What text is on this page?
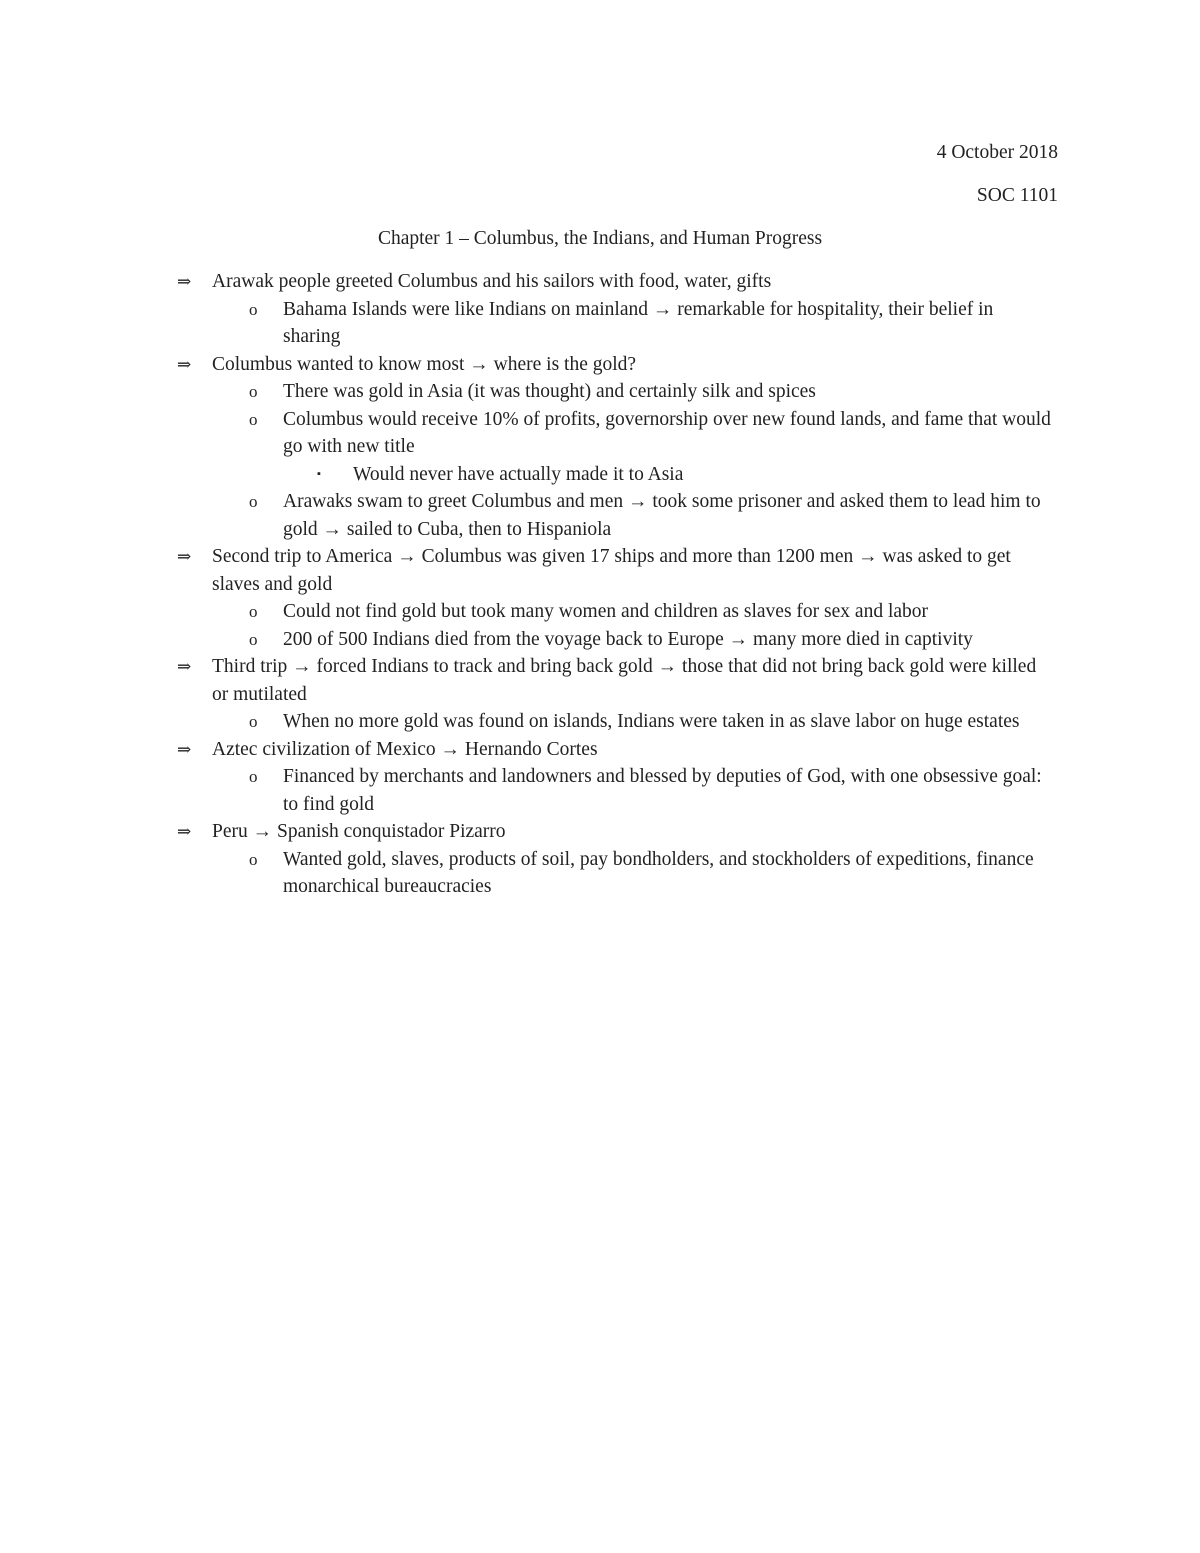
4 October 2018
SOC 1101
Chapter 1 – Columbus, the Indians, and Human Progress
⇒ Arawak people greeted Columbus and his sailors with food, water, gifts
o Bahama Islands were like Indians on mainland → remarkable for hospitality, their belief in sharing
⇒ Columbus wanted to know most → where is the gold?
o There was gold in Asia (it was thought) and certainly silk and spices
o Columbus would receive 10% of profits, governorship over new found lands, and fame that would go with new title
▪ Would never have actually made it to Asia
o Arawaks swam to greet Columbus and men → took some prisoner and asked them to lead him to gold → sailed to Cuba, then to Hispaniola
⇒ Second trip to America → Columbus was given 17 ships and more than 1200 men → was asked to get slaves and gold
o Could not find gold but took many women and children as slaves for sex and labor
o 200 of 500 Indians died from the voyage back to Europe → many more died in captivity
⇒ Third trip → forced Indians to track and bring back gold → those that did not bring back gold were killed or mutilated
o When no more gold was found on islands, Indians were taken in as slave labor on huge estates
⇒ Aztec civilization of Mexico → Hernando Cortes
o Financed by merchants and landowners and blessed by deputies of God, with one obsessive goal: to find gold
⇒ Peru → Spanish conquistador Pizarro
o Wanted gold, slaves, products of soil, pay bondholders, and stockholders of expeditions, finance monarchical bureaucracies
